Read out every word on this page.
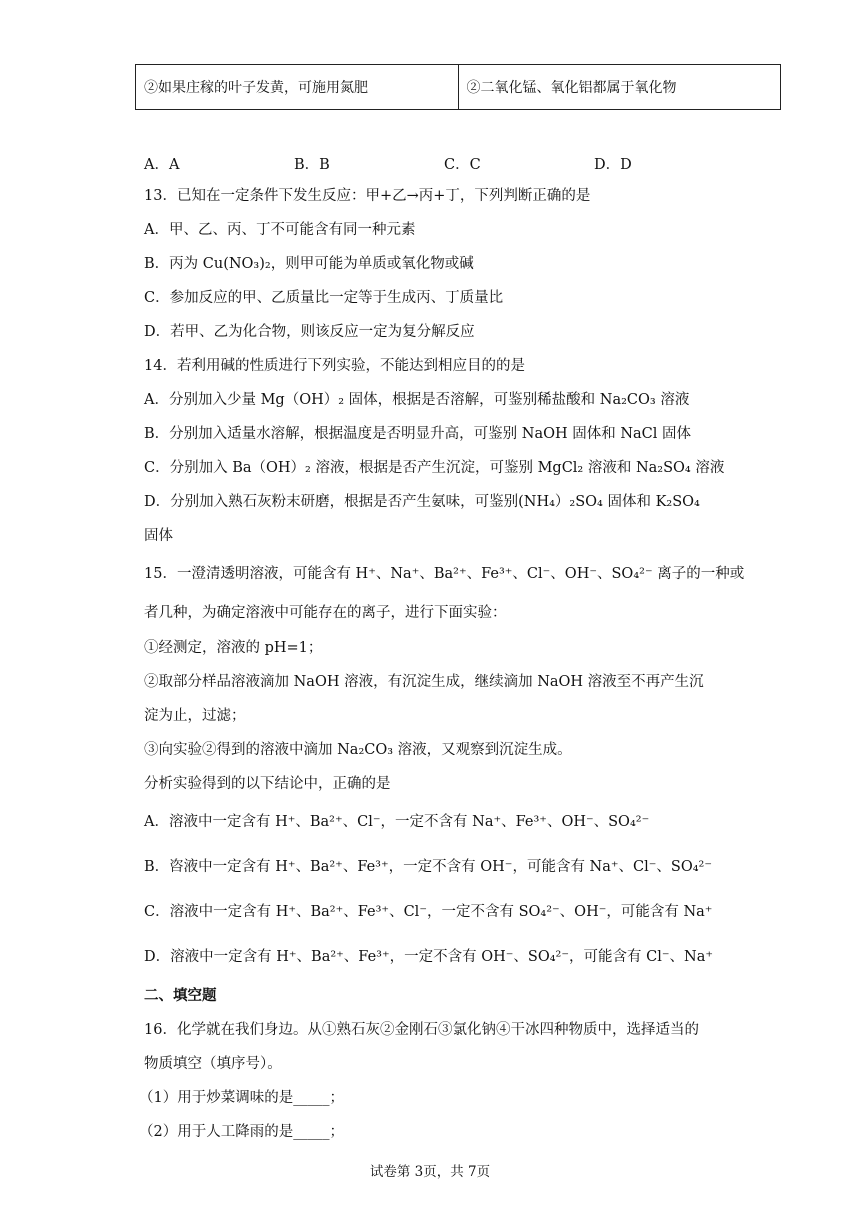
②如果庄稼的叶子发黄，可施用氮肥	②二氧化锰、氧化铝都属于氧化物
A．A	B．B	C．C	D．D
13．已知在一定条件下发生反应：甲+乙→丙+丁，下列判断正确的是
A．甲、乙、丙、丁不可能含有同一种元素
B．丙为 Cu(NO₃)₂，则甲可能为单质或氧化物或碱
C．参加反应的甲、乙质量比一定等于生成丙、丁质量比
D．若甲、乙为化合物，则该反应一定为复分解反应
14．若利用碱的性质进行下列实验，不能达到相应目的的是
A．分别加入少量 Mg（OH）₂ 固体，根据是否溶解，可鉴别稀盐酸和 Na₂CO₃ 溶液
B．分别加入适量水溶解，根据温度是否明显升高，可鉴别 NaOH 固体和 NaCl 固体
C．分别加入 Ba（OH）₂ 溶液，根据是否产生沉淀，可鉴别 MgCl₂ 溶液和 Na₂SO₄ 溶液
D．分别加入熟石灰粉末研磨，根据是否产生氨味，可鉴别(NH₄）₂SO₄ 固体和 K₂SO₄
固体
15．一澄清透明溶液，可能含有 H⁺、Na⁺、Ba²⁺、Fe³⁺、Cl⁻、OH⁻、SO₄²⁻ 离子的一种或
者几种，为确定溶液中可能存在的离子，进行下面实验：
①经测定，溶液的 pH=1；
②取部分样品溶液滴加 NaOH 溶液，有沉淀生成，继续滴加 NaOH 溶液至不再产生沉
淀为止，过滤；
③向实验②得到的溶液中滴加 Na₂CO₃ 溶液，又观察到沉淀生成。
分析实验得到的以下结论中，正确的是
A．溶液中一定含有 H⁺、Ba²⁺、Cl⁻，一定不含有 Na⁺、Fe³⁺、OH⁻、SO₄²⁻
B．咨液中一定含有 H⁺、Ba²⁺、Fe³⁺，一定不含有 OH⁻，可能含有 Na⁺、Cl⁻、SO₄²⁻
C．溶液中一定含有 H⁺、Ba²⁺、Fe³⁺、Cl⁻，一定不含有 SO₄²⁻、OH⁻，可能含有 Na⁺
D．溶液中一定含有 H⁺、Ba²⁺、Fe³⁺，一定不含有 OH⁻、SO₄²⁻，可能含有 Cl⁻、Na⁺
二、填空题
16．化学就在我们身边。从①熟石灰②金刚石③氯化钠④干冰四种物质中，选择适当的
物质填空（填序号）。
（1）用于炒菜调味的是_____；
（2）用于人工降雨的是_____；
试卷第 3页，共 7页
